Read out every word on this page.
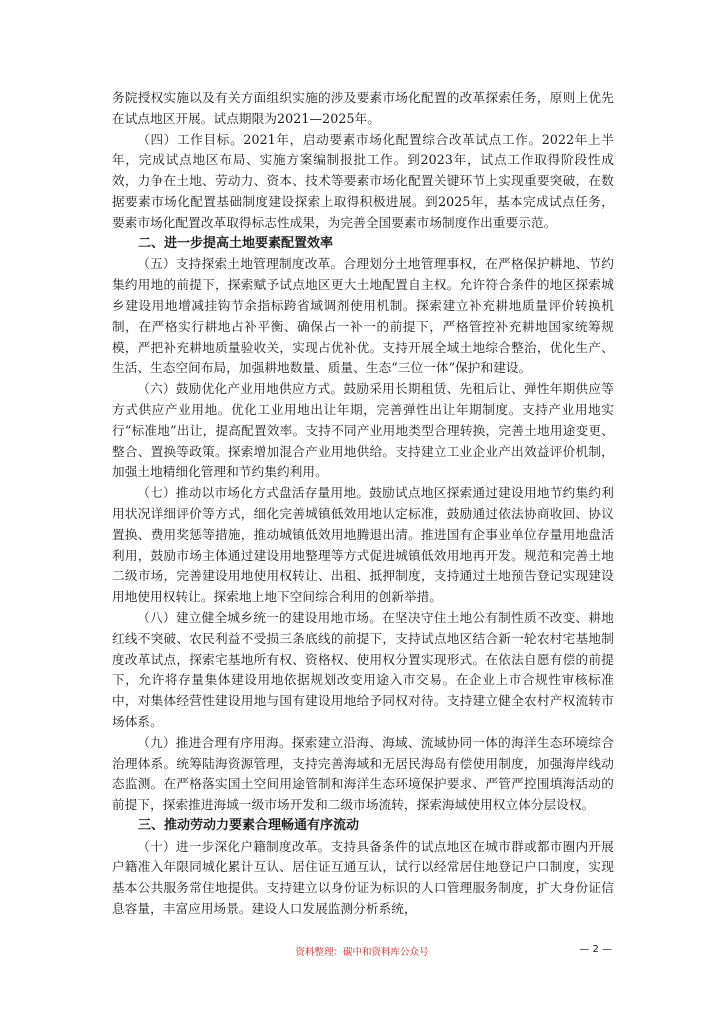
务院授权实施以及有关方面组织实施的涉及要素市场化配置的改革探索任务，原则上优先在试点地区开展。试点期限为2021—2025年。

（四）工作目标。2021年，启动要素市场化配置综合改革试点工作。2022年上半年，完成试点地区布局、实施方案编制报批工作。到2023年，试点工作取得阶段性成效，力争在土地、劳动力、资本、技术等要素市场化配置关键环节上实现重要突破，在数据要素市场化配置基础制度建设探索上取得积极进展。到2025年，基本完成试点任务，要素市场化配置改革取得标志性成果，为完善全国要素市场制度作出重要示范。

二、进一步提高土地要素配置效率

（五）支持探索土地管理制度改革。合理划分土地管理事权，在严格保护耕地、节约集约用地的前提下，探索赋予试点地区更大土地配置自主权。允许符合条件的地区探索城乡建设用地增减挂钩节余指标跨省域调剂使用机制。探索建立补充耕地质量评价转换机制，在严格实行耕地占补平衡、确保占一补一的前提下，严格管控补充耕地国家统筹规模，严把补充耕地质量验收关，实现占优补优。支持开展全域土地综合整治，优化生产、生活、生态空间布局，加强耕地数量、质量、生态“三位一体”保护和建设。

（六）鼓励优化产业用地供应方式。鼓励采用长期租赁、先租后让、弹性年期供应等方式供应产业用地。优化工业用地出让年期，完善弹性出让年期制度。支持产业用地实行“标准地”出让，提高配置效率。支持不同产业用地类型合理转换，完善土地用途变更、整合、置换等政策。探索增加混合产业用地供给。支持建立工业企业产出效益评价机制，加强土地精细化管理和节约集约利用。

（七）推动以市场化方式盘活存量用地。鼓励试点地区探索通过建设用地节约集约利用状况详细评价等方式，细化完善城镇低效用地认定标准，鼓励通过依法协商收回、协议置换、费用奖惩等措施，推动城镇低效用地腾退出清。推进国有企事业单位存量用地盘活利用，鼓励市场主体通过建设用地整理等方式促进城镇低效用地再开发。规范和完善土地二级市场，完善建设用地使用权转让、出租、抵押制度，支持通过土地预告登记实现建设用地使用权转让。探索地上地下空间综合利用的创新举措。

（八）建立健全城乡统一的建设用地市场。在坚决守住土地公有制性质不改变、耕地红线不突破、农民利益不受损三条底线的前提下，支持试点地区结合新一轮农村宅基地制度改革试点，探索宅基地所有权、资格权、使用权分置实现形式。在依法自愿有偿的前提下，允许将存量集体建设用地依据规划改变用途入市交易。在企业上市合规性审核标准中，对集体经营性建设用地与国有建设用地给予同权对待。支持建立健全农村产权流转市场体系。

（九）推进合理有序用海。探索建立沿海、海域、流域协同一体的海洋生态环境综合治理体系。统筹陆海资源管理，支持完善海域和无居民海岛有偿使用制度，加强海岸线动态监测。在严格落实国土空间用途管制和海洋生态环境保护要求、严管严控围填海活动的前提下，探索推进海域一级市场开发和二级市场流转，探索海域使用权立体分层设权。

三、推动劳动力要素合理畅通有序流动

（十）进一步深化户籍制度改革。支持具备条件的试点地区在城市群或都市圈内开展户籍准入年限同城化累计互认、居住证互通互认，试行以经常居住地登记户口制度，实现基本公共服务常住地提供。支持建立以身份证为标识的人口管理服务制度，扩大身份证信息容量，丰富应用场景。建设人口发展监测分析系统，

资料整理：碳中和资料库公众号	— 2 —
